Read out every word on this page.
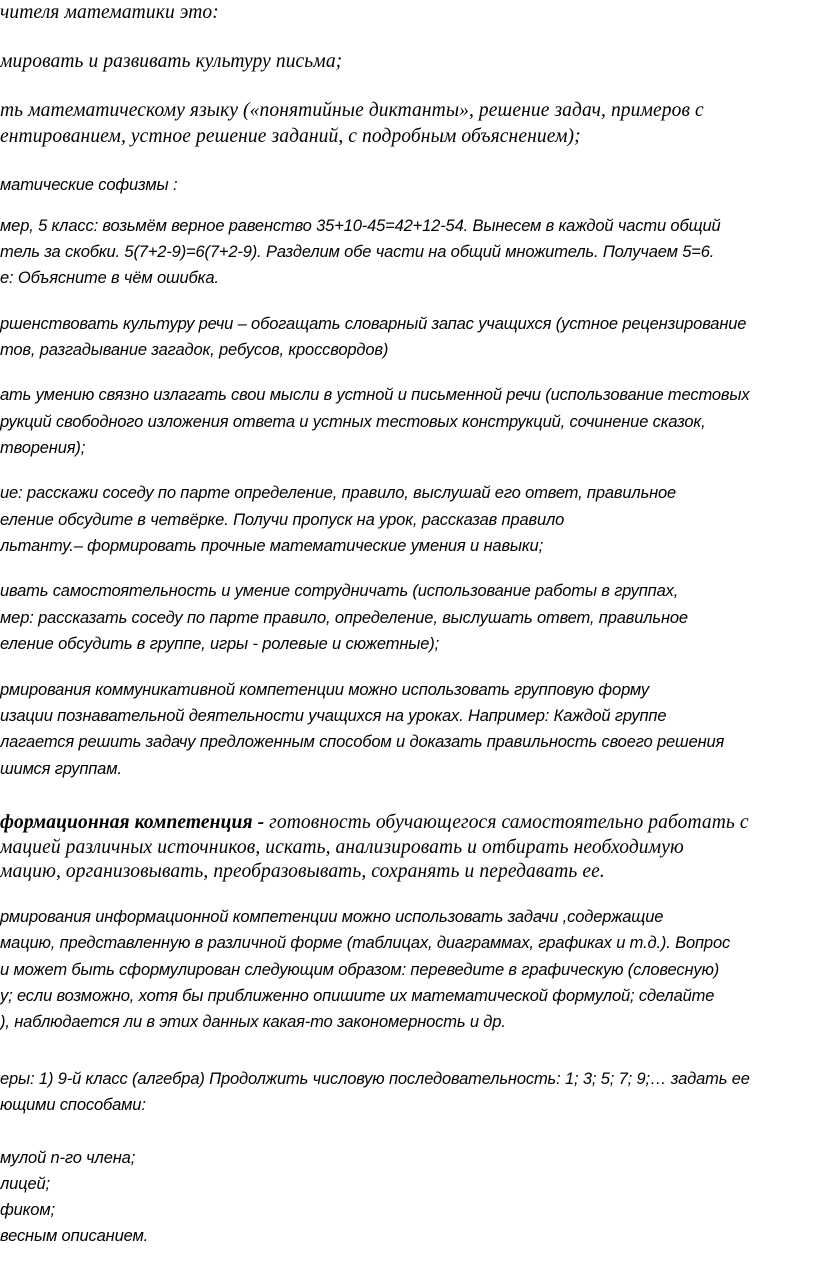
чителя математики это:
мировать и развивать культуру письма;
ть математическому языку («понятийные диктанты», решение задач, примеров с
ентированием, устное решение заданий, с подробным объяснением);
матические софизмы :
мер, 5 класс: возьмём верное равенство 35+10-45=42+12-54. Вынесем в каждой части общий
тель за скобки. 5(7+2-9)=6(7+2-9). Разделим обе части на общий множитель. Получаем 5=6.
е: Объясните в чём ошибка.
ршенствовать культуру речи – обогащать словарный запас учащихся (устное рецензирование
тов, разгадывание загадок, ребусов, кроссвордов)
ать умению связно излагать свои мысли в устной и письменной речи (использование тестовых
рукций свободного изложения ответа и устных тестовых конструкций, сочинение сказок,
творения);
ие: расскажи соседу по парте определение, правило, выслушай его ответ, правильное
еление обсудите в четвёрке. Получи пропуск на урок, рассказав правило
льтанту.– формировать прочные математические умения и навыки;
ивать самостоятельность и умение сотрудничать (использование работы в группах,
мер: рассказать соседу по парте правило, определение, выслушать ответ, правильное
еление обсудить в группе, игры - ролевые и сюжетные);
рмирования коммуникативной компетенции можно использовать групповую форму
изации познавательной деятельности учащихся на уроках. Например: Каждой группе
лагается решить задачу предложенным способом и доказать правильность своего решения
шимся группам.
формационная компетенция - готовность обучающегося самостоятельно работать с
мацией различных источников, искать, анализировать и отбирать необходимую
мацию, организовывать, преобразовывать, сохранять и передавать ее.
рмирования информационной компетенции можно использовать задачи ,содержащие
мацию, представленную в различной форме (таблицах, диаграммах, графиках и т.д.). Вопрос
и может быть сформулирован следующим образом: переведите в графическую (словесную)
у; если возможно, хотя бы приближенно опишите их математической формулой; сделайте
), наблюдается ли в этих данных какая-то закономерность и др.
еры: 1) 9-й класс (алгебра) Продолжить числовую последовательность: 1; 3; 5; 7; 9;… задать ее
ющими способами:
мулой n-го члена;
лицей;
фиком;
весным описанием.
